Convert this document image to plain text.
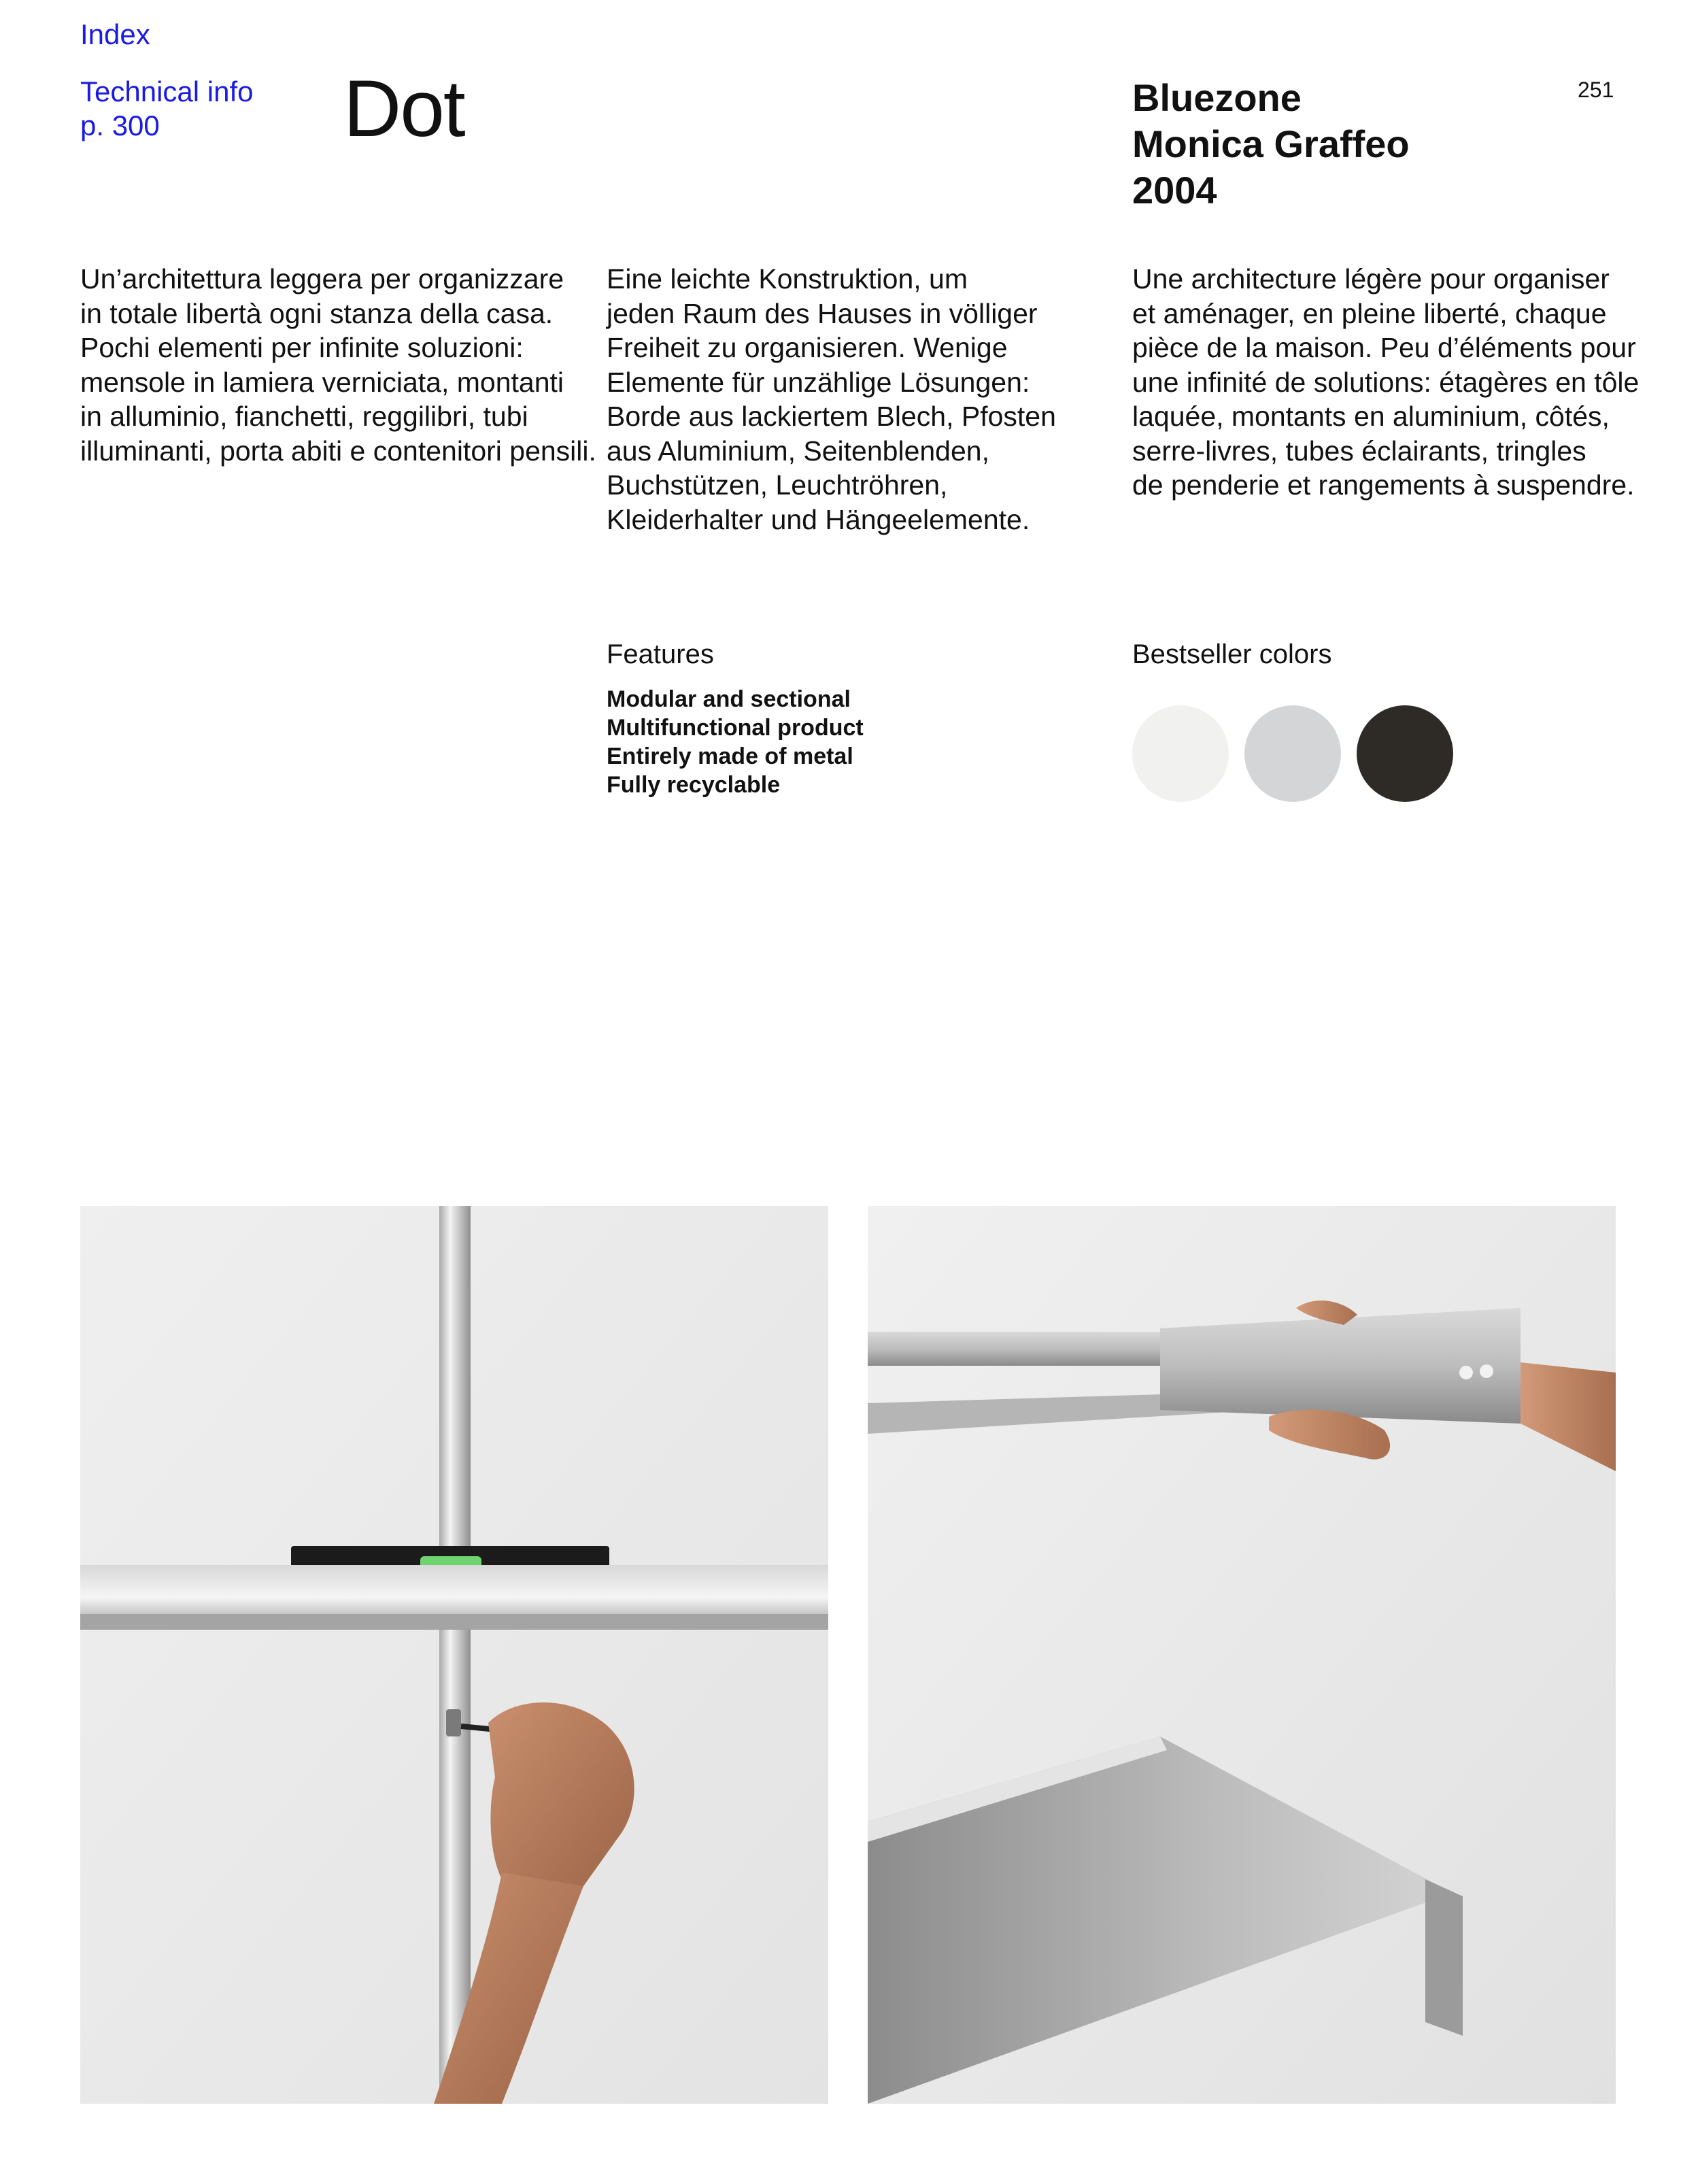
Index
Technical info
p. 300	Dot	Bluezone
Monica Graffeo
2004
251
Un’architettura leggera per organizzare
in totale libertà ogni stanza della casa.
Pochi elementi per infinite soluzioni:
mensole in lamiera verniciata, montanti
in alluminio, fianchetti, reggilibri, tubi
illuminanti, porta abiti e contenitori pensili.
Eine leichte Konstruktion, um
jeden Raum des Hauses in völliger
Freiheit zu organisieren. Wenige
Elemente für unzählige Lösungen:
Borde aus lackiertem Blech, Pfosten
aus Aluminium, Seitenblenden,
Buchstützen, Leuchtröhren,
Kleiderhalter und Hängeelemente.
Une architecture légère pour organiser
et aménager, en pleine liberté, chaque
pièce de la maison. Peu d’éléments pour
une infinité de solutions: étagères en tôle
laquée, montants en aluminium, côtés,
serre-livres, tubes éclairants, tringles
de penderie et rangements à suspendre.
Features
Modular and sectional
Multifunctional product
Entirely made of metal
Fully recyclable
Bestseller colors
